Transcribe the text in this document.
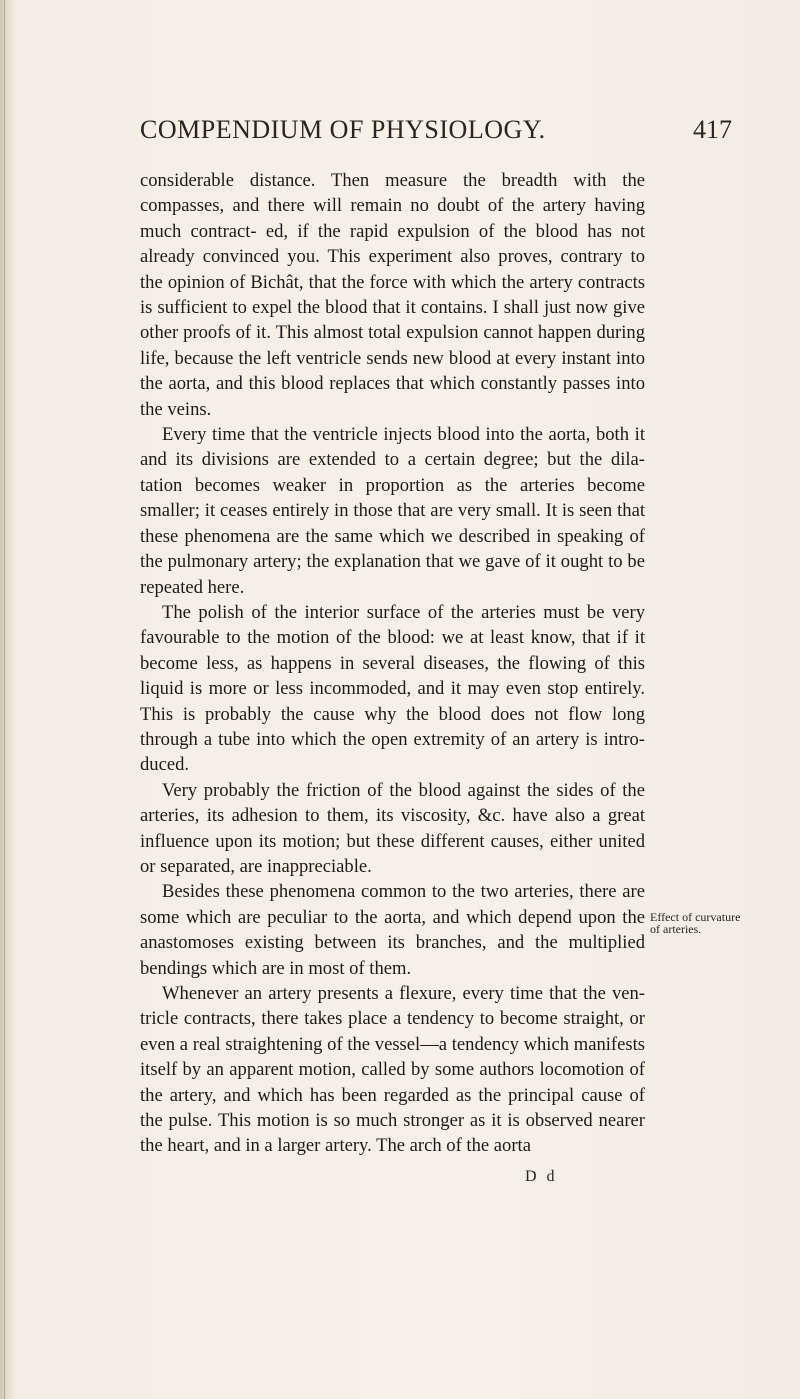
COMPENDIUM OF PHYSIOLOGY.	417

considerable distance. Then measure the breadth with the compasses, and there will remain no doubt of the artery having much contract- ed, if the rapid expulsion of the blood has not already convinced you. This experiment also proves, contrary to the opinion of Bichât, that the force with which the artery contracts is sufficient to expel the blood that it contains. I shall just now give other proofs of it. This almost total expulsion cannot happen during life, because the left ventricle sends new blood at every instant into the aorta, and this blood replaces that which constantly passes into the veins.

Every time that the ventricle injects blood into the aorta, both it and its divisions are extended to a certain degree; but the dila- tation becomes weaker in proportion as the arteries become smaller; it ceases entirely in those that are very small. It is seen that these phenomena are the same which we described in speaking of the pulmonary artery; the explanation that we gave of it ought to be repeated here.

The polish of the interior surface of the arteries must be very favourable to the motion of the blood: we at least know, that if it become less, as happens in several diseases, the flowing of this liquid is more or less incommoded, and it may even stop entirely. This is probably the cause why the blood does not flow long through a tube into which the open extremity of an artery is intro- duced.

Very probably the friction of the blood against the sides of the arteries, its adhesion to them, its viscosity, &c. have also a great influence upon its motion; but these different causes, either united or separated, are inappreciable.

Besides these phenomena common to the two arteries, there are some which are peculiar to the aorta, and which depend upon the anastomoses existing between its branches, and the multiplied bendings which are in most of them.

Whenever an artery presents a flexure, every time that the ven- tricle contracts, there takes place a tendency to become straight, or even a real straightening of the vessel—a tendency which manifests itself by an apparent motion, called by some authors locomotion of the artery, and which has been regarded as the principal cause of the pulse. This motion is so much stronger as it is observed nearer the heart, and in a larger artery. The arch of the aorta

Effect of curvature of arteries.
D d
